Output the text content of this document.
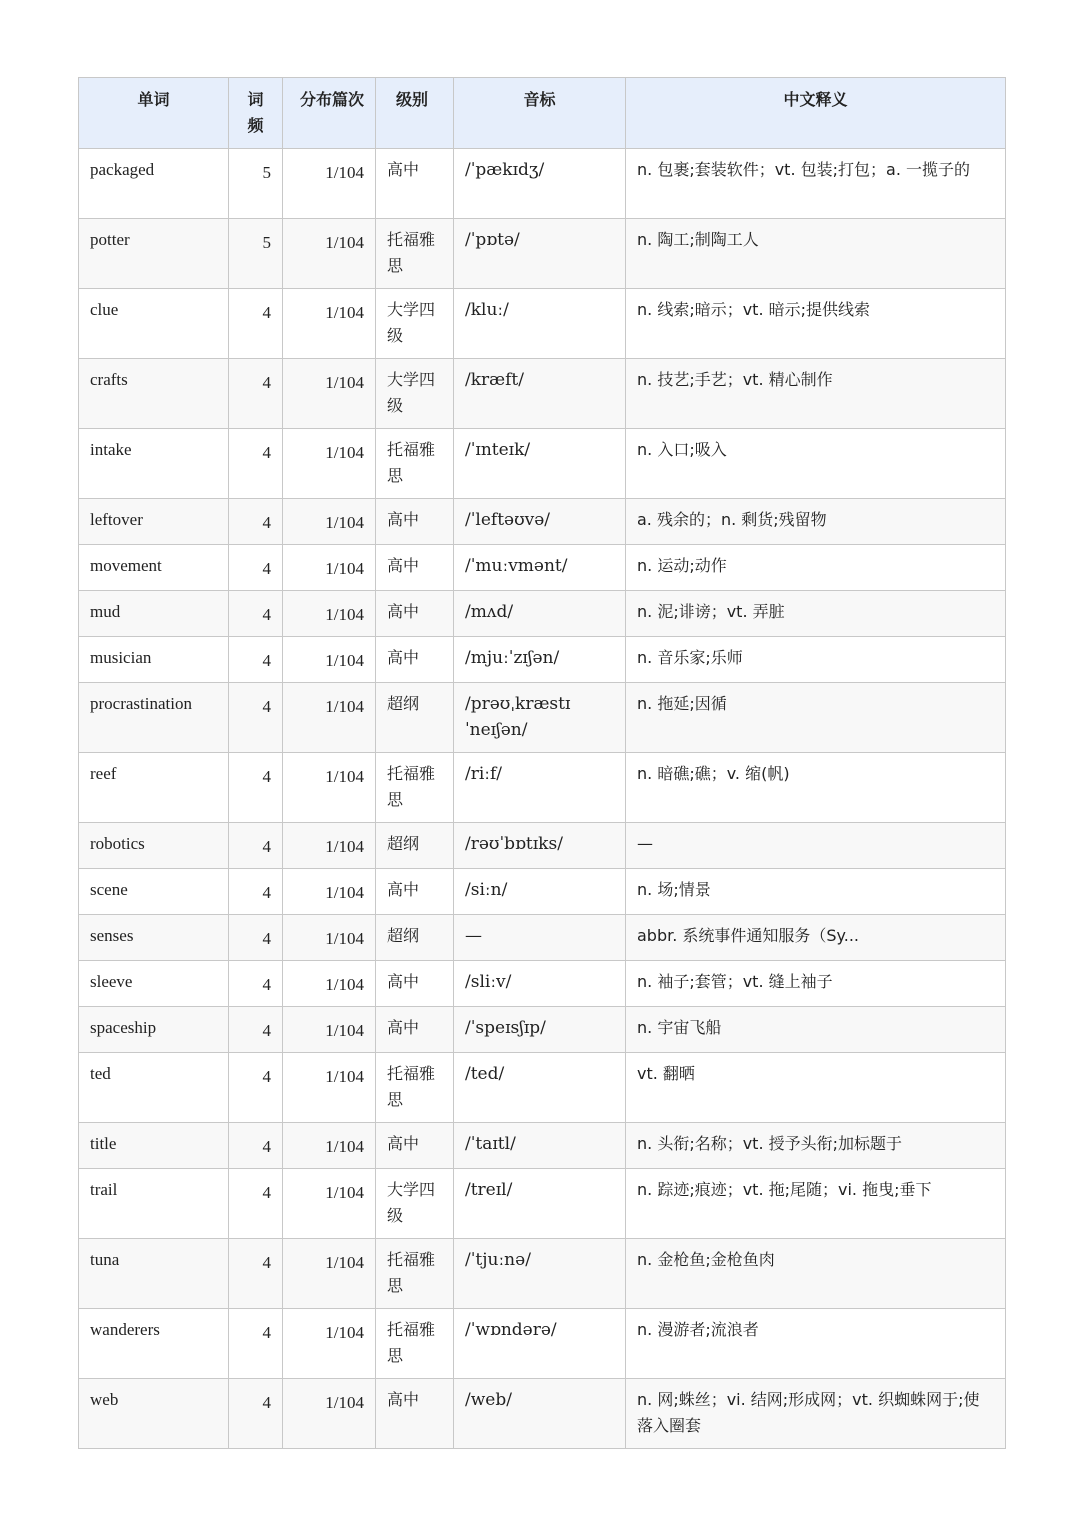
单词	词频	分布篇次	级别	音标	中文释义
packaged	5	1/104	高中	/ˈpækɪdʒ/	n. 包裹;套装软件；vt. 包装;打包；a. 一揽子的
potter	5	1/104	托福雅思	/ˈpɒtə/	n. 陶工;制陶工人
clue	4	1/104	大学四级	/kluː/	n. 线索;暗示；vt. 暗示;提供线索
crafts	4	1/104	大学四级	/kræft/	n. 技艺;手艺；vt. 精心制作
intake	4	1/104	托福雅思	/ˈɪnteɪk/	n. 入口;吸入
leftover	4	1/104	高中	/ˈleftəʊvə/	a. 残余的；n. 剩货;残留物
movement	4	1/104	高中	/ˈmuːvmənt/	n. 运动;动作
mud	4	1/104	高中	/mʌd/	n. 泥;诽谤；vt. 弄脏
musician	4	1/104	高中	/mjuːˈzɪʃən/	n. 音乐家;乐师
procrastination	4	1/104	超纲	/prəʊˌkræstɪˈneɪʃən/	n. 拖延;因循
reef	4	1/104	托福雅思	/riːf/	n. 暗礁;礁；v. 缩(帆)
robotics	4	1/104	超纲	/rəʊˈbɒtɪks/	—
scene	4	1/104	高中	/siːn/	n. 场;情景
senses	4	1/104	超纲	—	abbr. 系统事件通知服务（Sy...
sleeve	4	1/104	高中	/sliːv/	n. 袖子;套管；vt. 缝上袖子
spaceship	4	1/104	高中	/ˈspeɪsʃɪp/	n. 宇宙飞船
ted	4	1/104	托福雅思	/ted/	vt. 翻晒
title	4	1/104	高中	/ˈtaɪtl/	n. 头衔;名称；vt. 授予头衔;加标题于
trail	4	1/104	大学四级	/treɪl/	n. 踪迹;痕迹；vt. 拖;尾随；vi. 拖曳;垂下
tuna	4	1/104	托福雅思	/ˈtjuːnə/	n. 金枪鱼;金枪鱼肉
wanderers	4	1/104	托福雅思	/ˈwɒndərə/	n. 漫游者;流浪者
web	4	1/104	高中	/web/	n. 网;蛛丝；vi. 结网;形成网；vt. 织蜘蛛网于;使落入圈套
